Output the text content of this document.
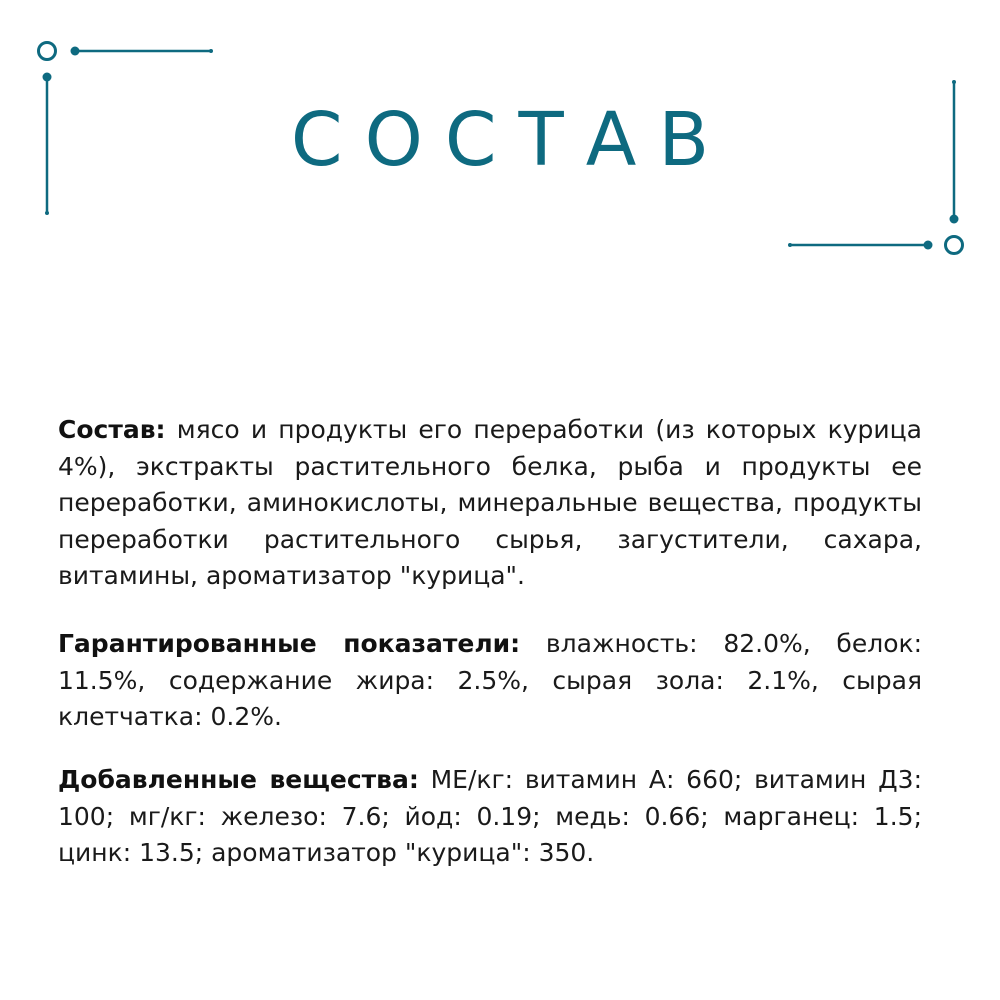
СОСТАВ

Состав: мясо и продукты его переработки (из которых курица 4%), экстракты растительного белка, рыба и продукты ее переработки, аминокислоты, минеральные вещества, продукты переработки растительного сырья, загустители, сахара, витамины, ароматизатор "курица".

Гарантированные показатели: влажность: 82.0%, белок: 11.5%, содержание жира: 2.5%, сырая зола: 2.1%, сырая клетчатка: 0.2%.

Добавленные вещества: МЕ/кг: витамин А: 660; витамин Д3: 100; мг/кг: железо: 7.6; йод: 0.19; медь: 0.66; марганец: 1.5; цинк: 13.5; ароматизатор "курица": 350.
